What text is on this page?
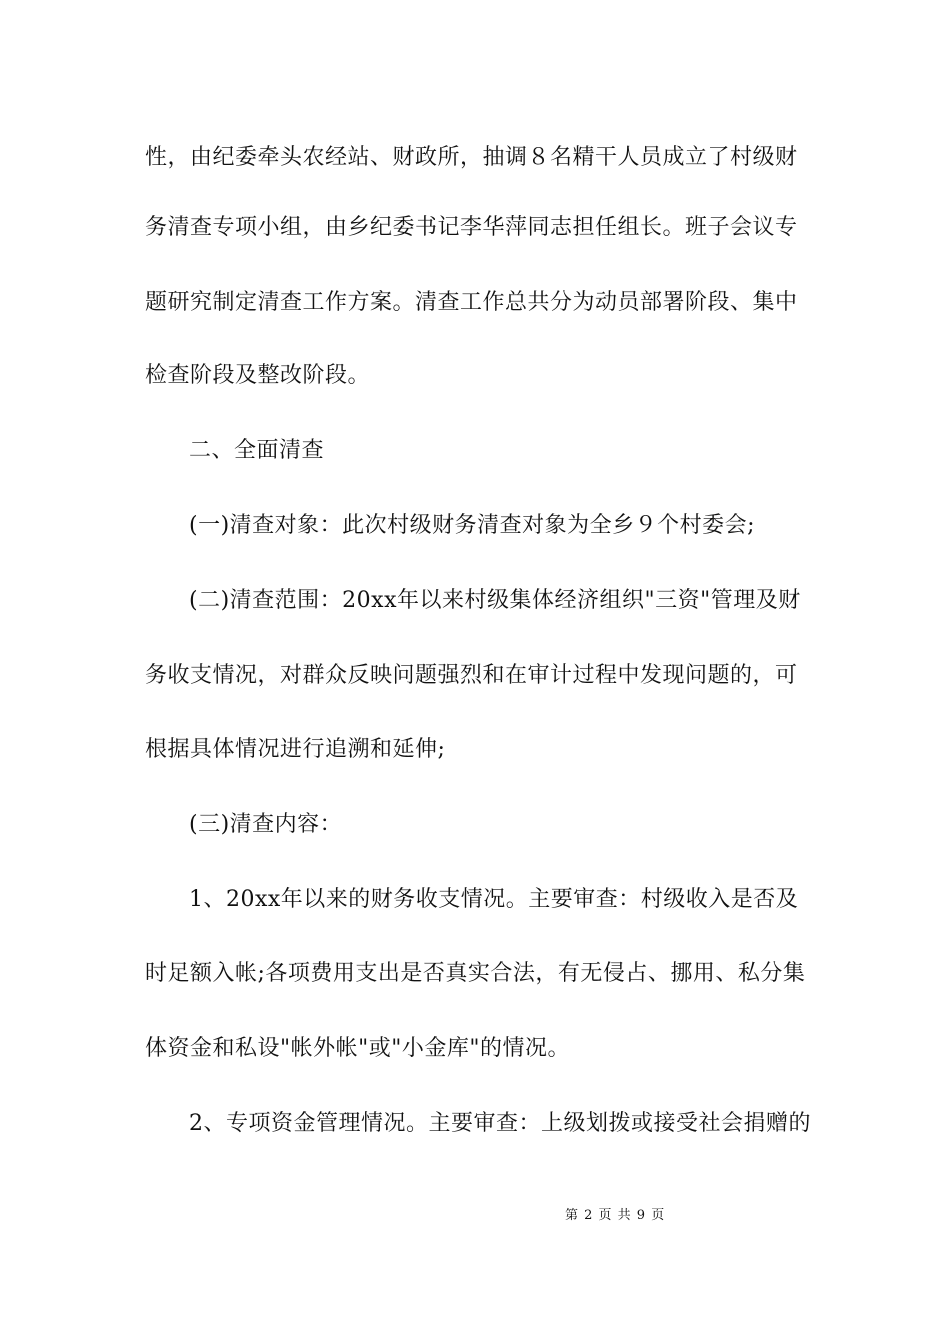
性，由纪委牵头农经站、财政所，抽调８名精干人员成立了村级财
务清查专项小组，由乡纪委书记李华萍同志担任组长。班子会议专
题研究制定清查工作方案。清查工作总共分为动员部署阶段、集中
检查阶段及整改阶段。
二、全面清查
(一)清查对象：此次村级财务清查对象为全乡９个村委会;
(二)清查范围：20xx年以来村级集体经济组织"三资"管理及财
务收支情况，对群众反映问题强烈和在审计过程中发现问题的，可
根据具体情况进行追溯和延伸;
(三)清查内容：
1、20xx年以来的财务收支情况。主要审查：村级收入是否及
时足额入帐;各项费用支出是否真实合法，有无侵占、挪用、私分集
体资金和私设"帐外帐"或"小金库"的情况。
2、专项资金管理情况。主要审查：上级划拨或接受社会捐赠的
第 2 页 共 9 页
